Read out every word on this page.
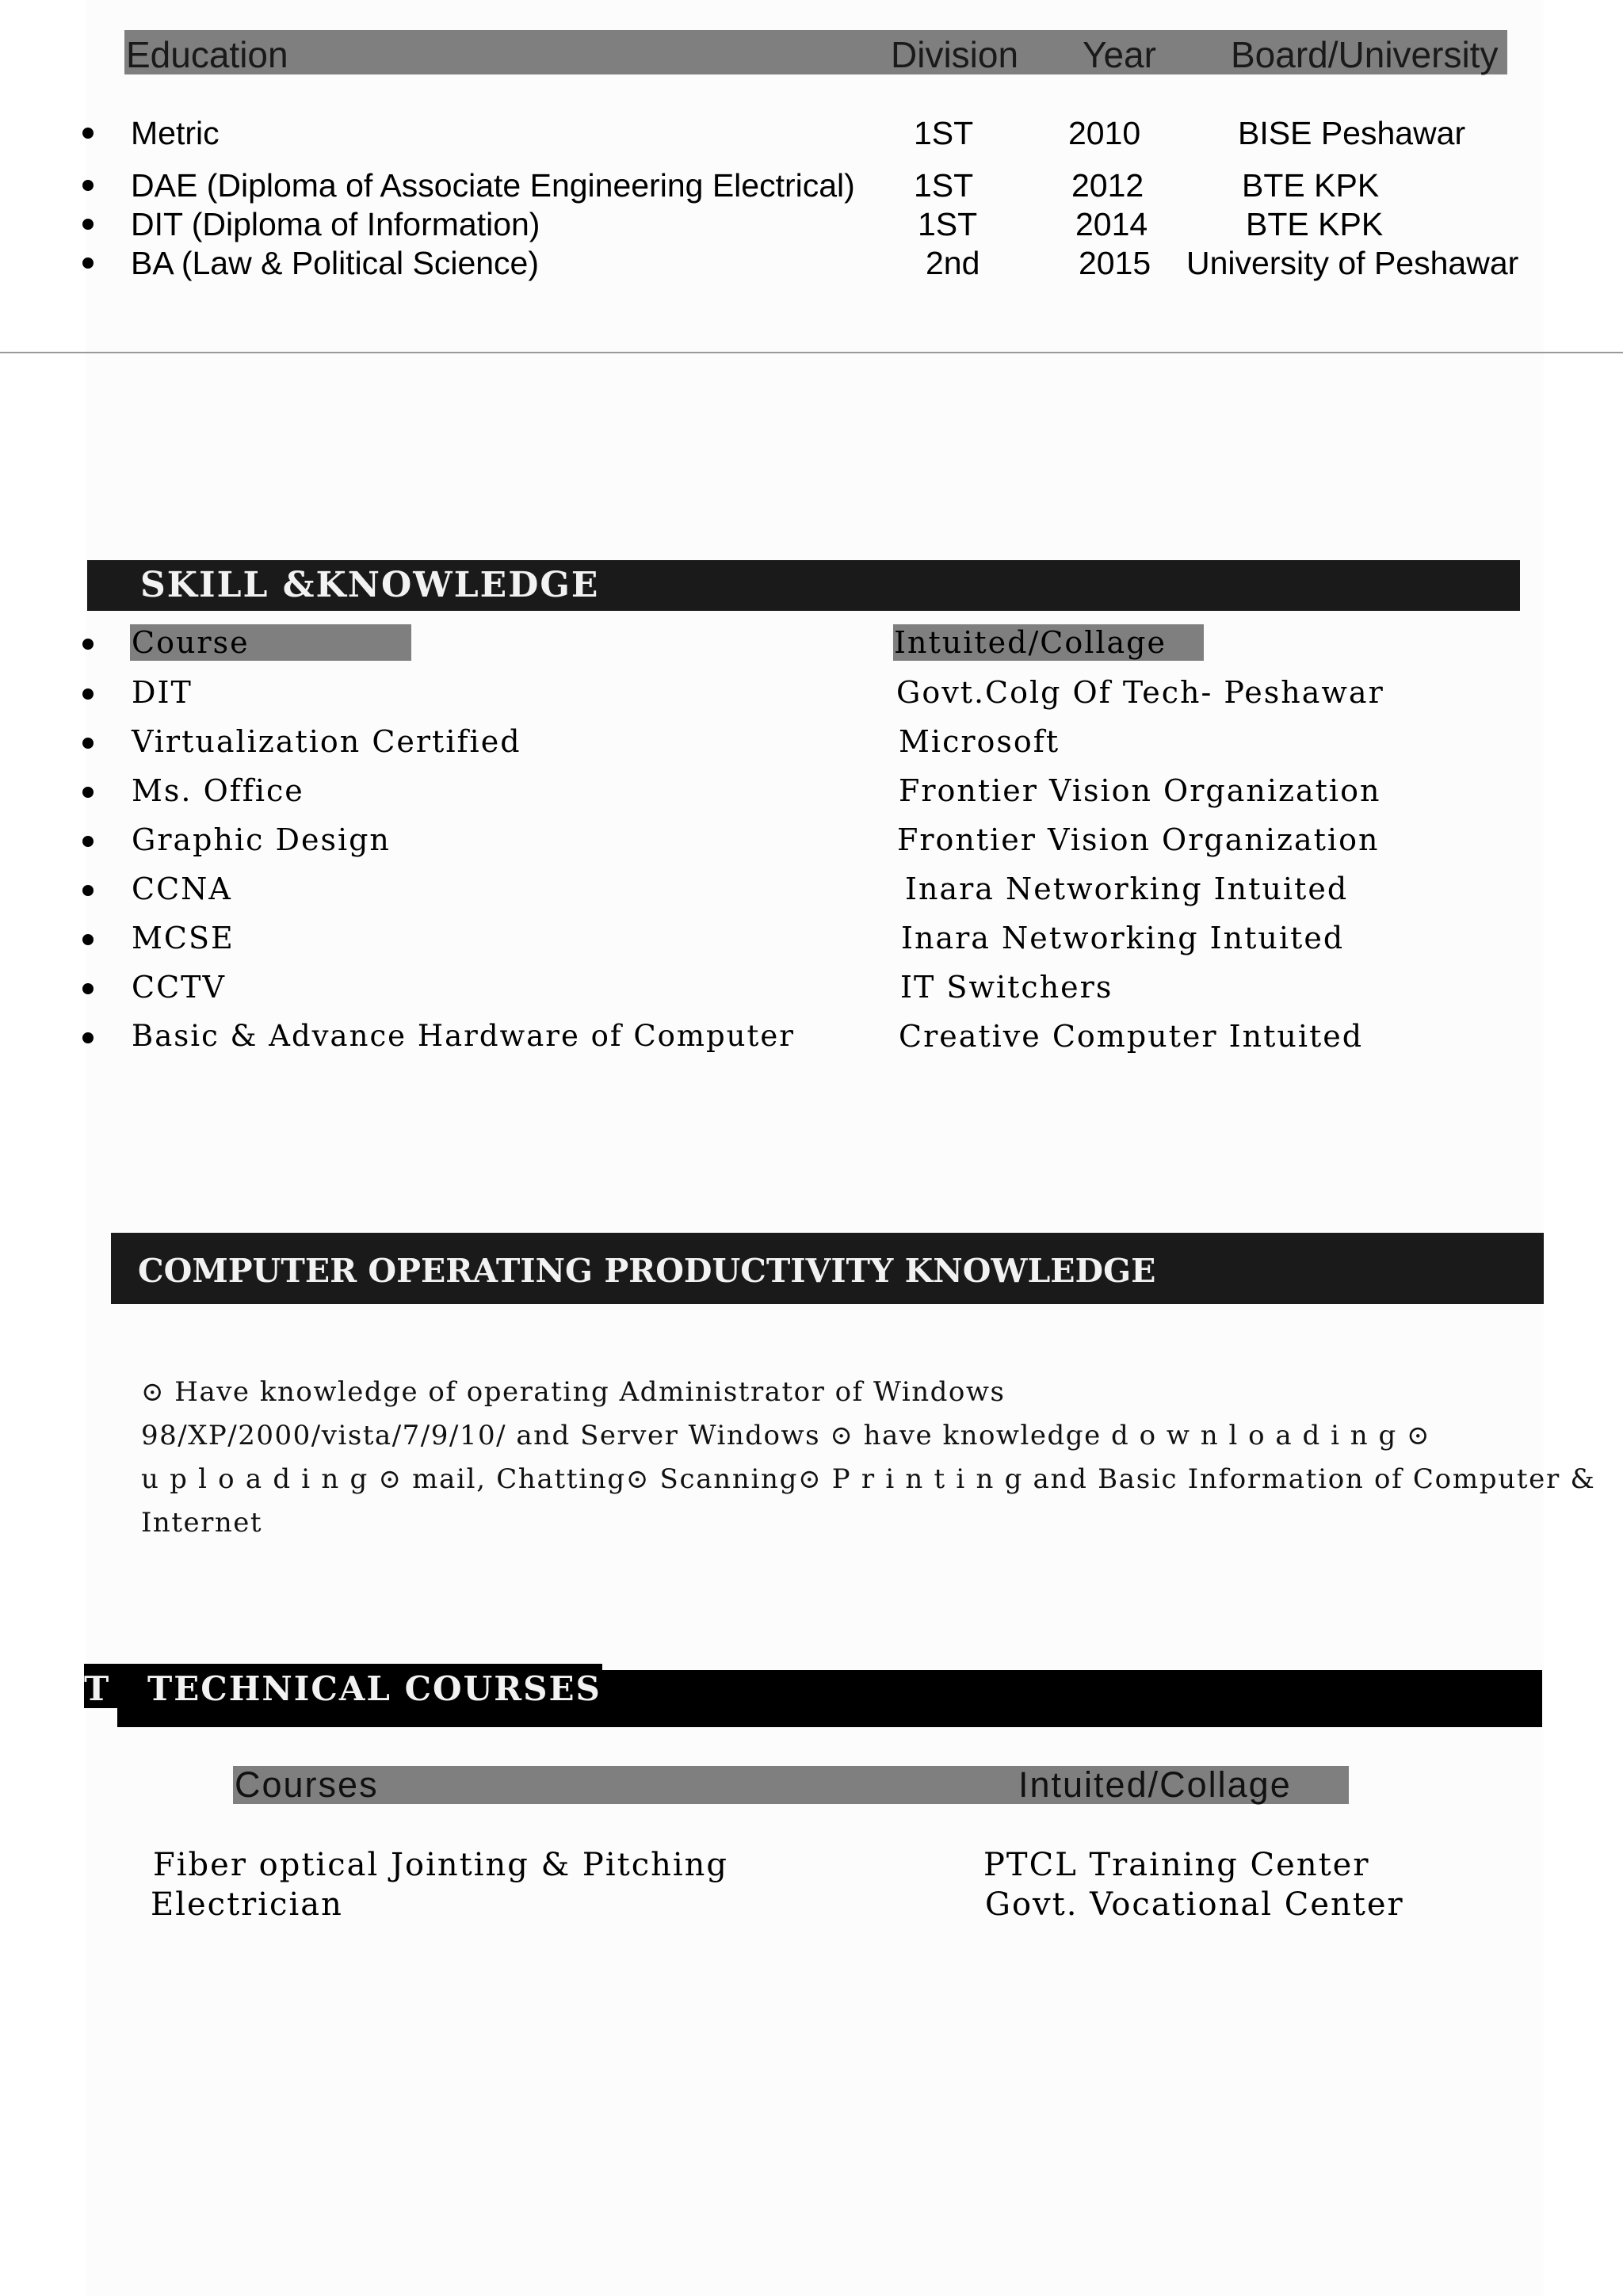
Education	Division Year Board/University
Metric	1ST	2010	BISE Peshawar
DAE (Diploma of Associate Engineering Electrical) 1ST	2012	BTE KPK
DIT (Diploma of Information)	1ST	2014	BTE KPK
BA (Law & Political Science)	2nd	2015 University of Peshawar
SKILL &KNOWLEDGE
Course	Intuited/Collage
DIT	Govt.Colg Of Tech- Peshawar
Virtualization Certified	Microsoft
Ms. Office	Frontier Vision Organization
Graphic Design	Frontier Vision Organization
CCNA	Inara Networking Intuited
MCSE	Inara Networking Intuited
CCTV	IT Switchers
Basic & Advance Hardware of Computer	Creative Computer Intuited
COMPUTER OPERATING PRODUCTIVITY KNOWLEDGE
⊙ Have knowledge of operating Administrator of Windows
98/XP/2000/vista/7/9/10/ and Server Windows ⊙ have knowledge d o w n l o a d i n g ⊙
u p l o a d i n g ⊙ mail, Chatting⊙ Scanning⊙ P r i n t i n g and Basic Information of Computer &
Internet
T TECHNICAL COURSES
Courses	Intuited/Collage
Fiber optical Jointing & Pitching	PTCL Training Center
Electrician	Govt. Vocational Center
